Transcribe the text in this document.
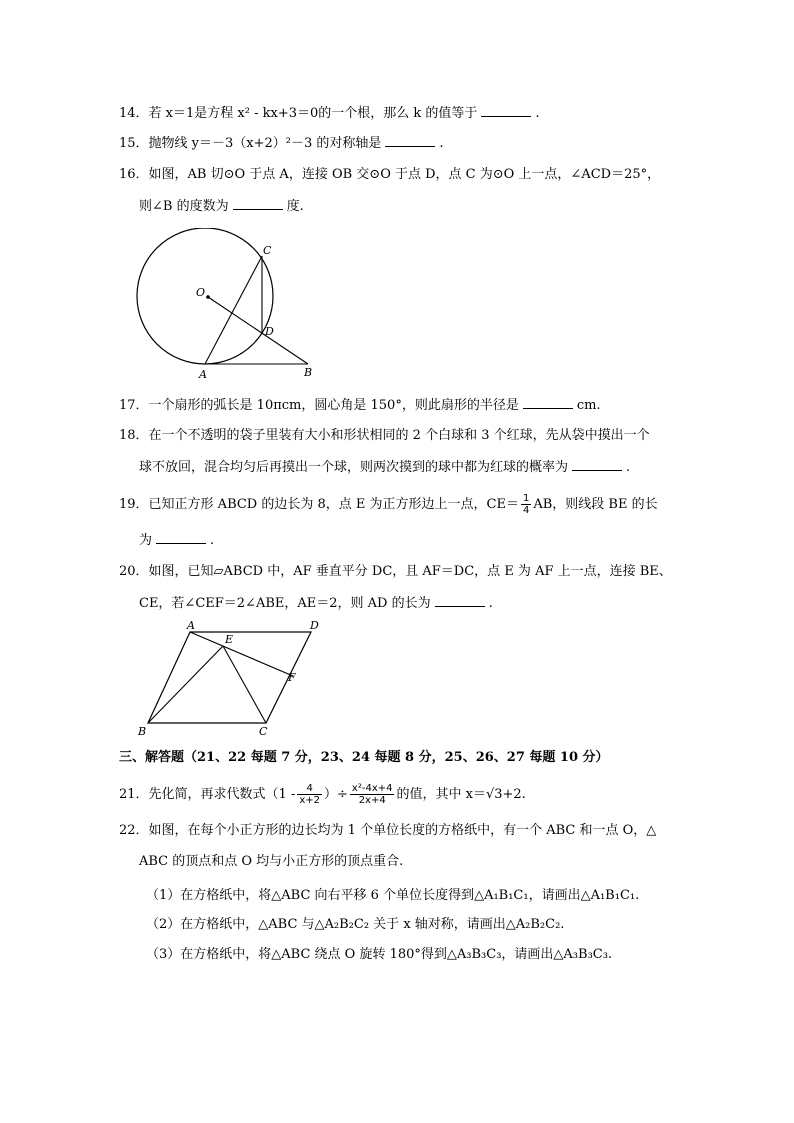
14．若 x＝1是方程 x² - kx+3＝0的一个根，那么 k 的值等于	.
15．抛物线 y＝－3（x+2）²－3 的对称轴是	.
16．如图，AB 切⊙O 于点 A，连接 OB 交⊙O 于点 D，点 C 为⊙O 上一点，∠ACD＝25°，
则∠B 的度数为	度.
O
C
D
A	B
17．一个扇形的弧长是 10πcm，圆心角是 150°，则此扇形的半径是	cm.
18．在一个不透明的袋子里装有大小和形状相同的 2 个白球和 3 个红球，先从袋中摸出一个
球不放回，混合均匀后再摸出一个球，则两次摸到的球中都为红球的概率为	.
19．已知正方形 ABCD 的边长为 8，点 E 为正方形边上一点，$CE= \frac{1}{4}$ AB，则线段 BE 的长
为	.
20．如图，已知▱ABCD 中，AF 垂直平分 DC，且 AF＝DC，点 E 为 AF 上一点，连接 BE、
CE，若∠CEF＝2∠ABE，AE＝2，则 AD 的长为	.
A	D
E
F
B	C
三、解答题（21、22 每题 7 分，23、24 每题 8 分，25、26、27 每题 10 分）
21．先化简，再求代数式（$1 - \frac{4}{x+2}$ ）÷ $\frac{\text{x²-4x+4}}{2x+4}$ 的值，其中 x＝√3+2.
22．如图，在每个小正方形的边长均为 1 个单位长度的方格纸中，有一个 ABC 和一点 O，△
ABC 的顶点和点 O 均与小正方形的顶点重合.
（1）在方格纸中，将△ABC 向右平移 6 个单位长度得到△A₁B₁C₁，请画出△A₁B₁C₁.
（2）在方格纸中，△ABC 与△A₂B₂C₂ 关于 x 轴对称，请画出△A₂B₂C₂.
（3）在方格纸中，将△ABC 绕点 O 旋转 180°得到△A₃B₃C₃，请画出△A₃B₃C₃.
